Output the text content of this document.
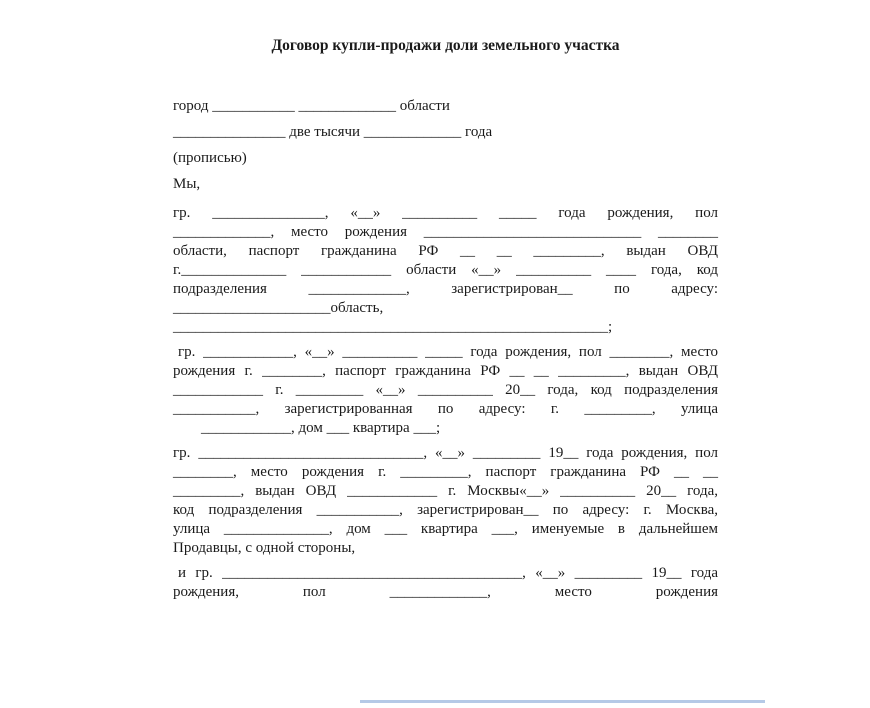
Договор купли-продажи доли земельного участка
город ___________ _____________ области
_______________ две тысячи _____________ года
(прописью)
Мы,
гр. _______________, «__» __________ _____ года рождения, пол
_____________, место рождения _____________________________ ________
области, паспорт гражданина РФ __ __ _________, выдан ОВД
г.______________ ____________ области «__» __________ ____ года, код
подразделения _____________, зарегистрирован__ по адресу:
_____________________область,
__________________________________________________________;
гр. ____________, «__» __________ _____ года рождения, пол ________, место
рождения г. ________, паспорт гражданина РФ __ __ _________, выдан ОВД
____________ г. _________ «__» __________ 20__ года, код подразделения
___________, зарегистрированная по адресу: г. _________, улица
____________, дом ___ квартира ___;
гр. ______________________________, «__» _________ 19__ года рождения, пол
________, место рождения г. _________, паспорт гражданина РФ __ __
_________, выдан ОВД ____________ г. Москвы«__» __________ 20__ года,
код подразделения ___________, зарегистрирован__ по адресу: г. Москва,
улица ______________, дом ___ квартира ___, именуемые в дальнейшем
Продавцы, с одной стороны,
и гр. ________________________________________, «__» _________ 19__ года
рождения, пол _____________, место рождения
